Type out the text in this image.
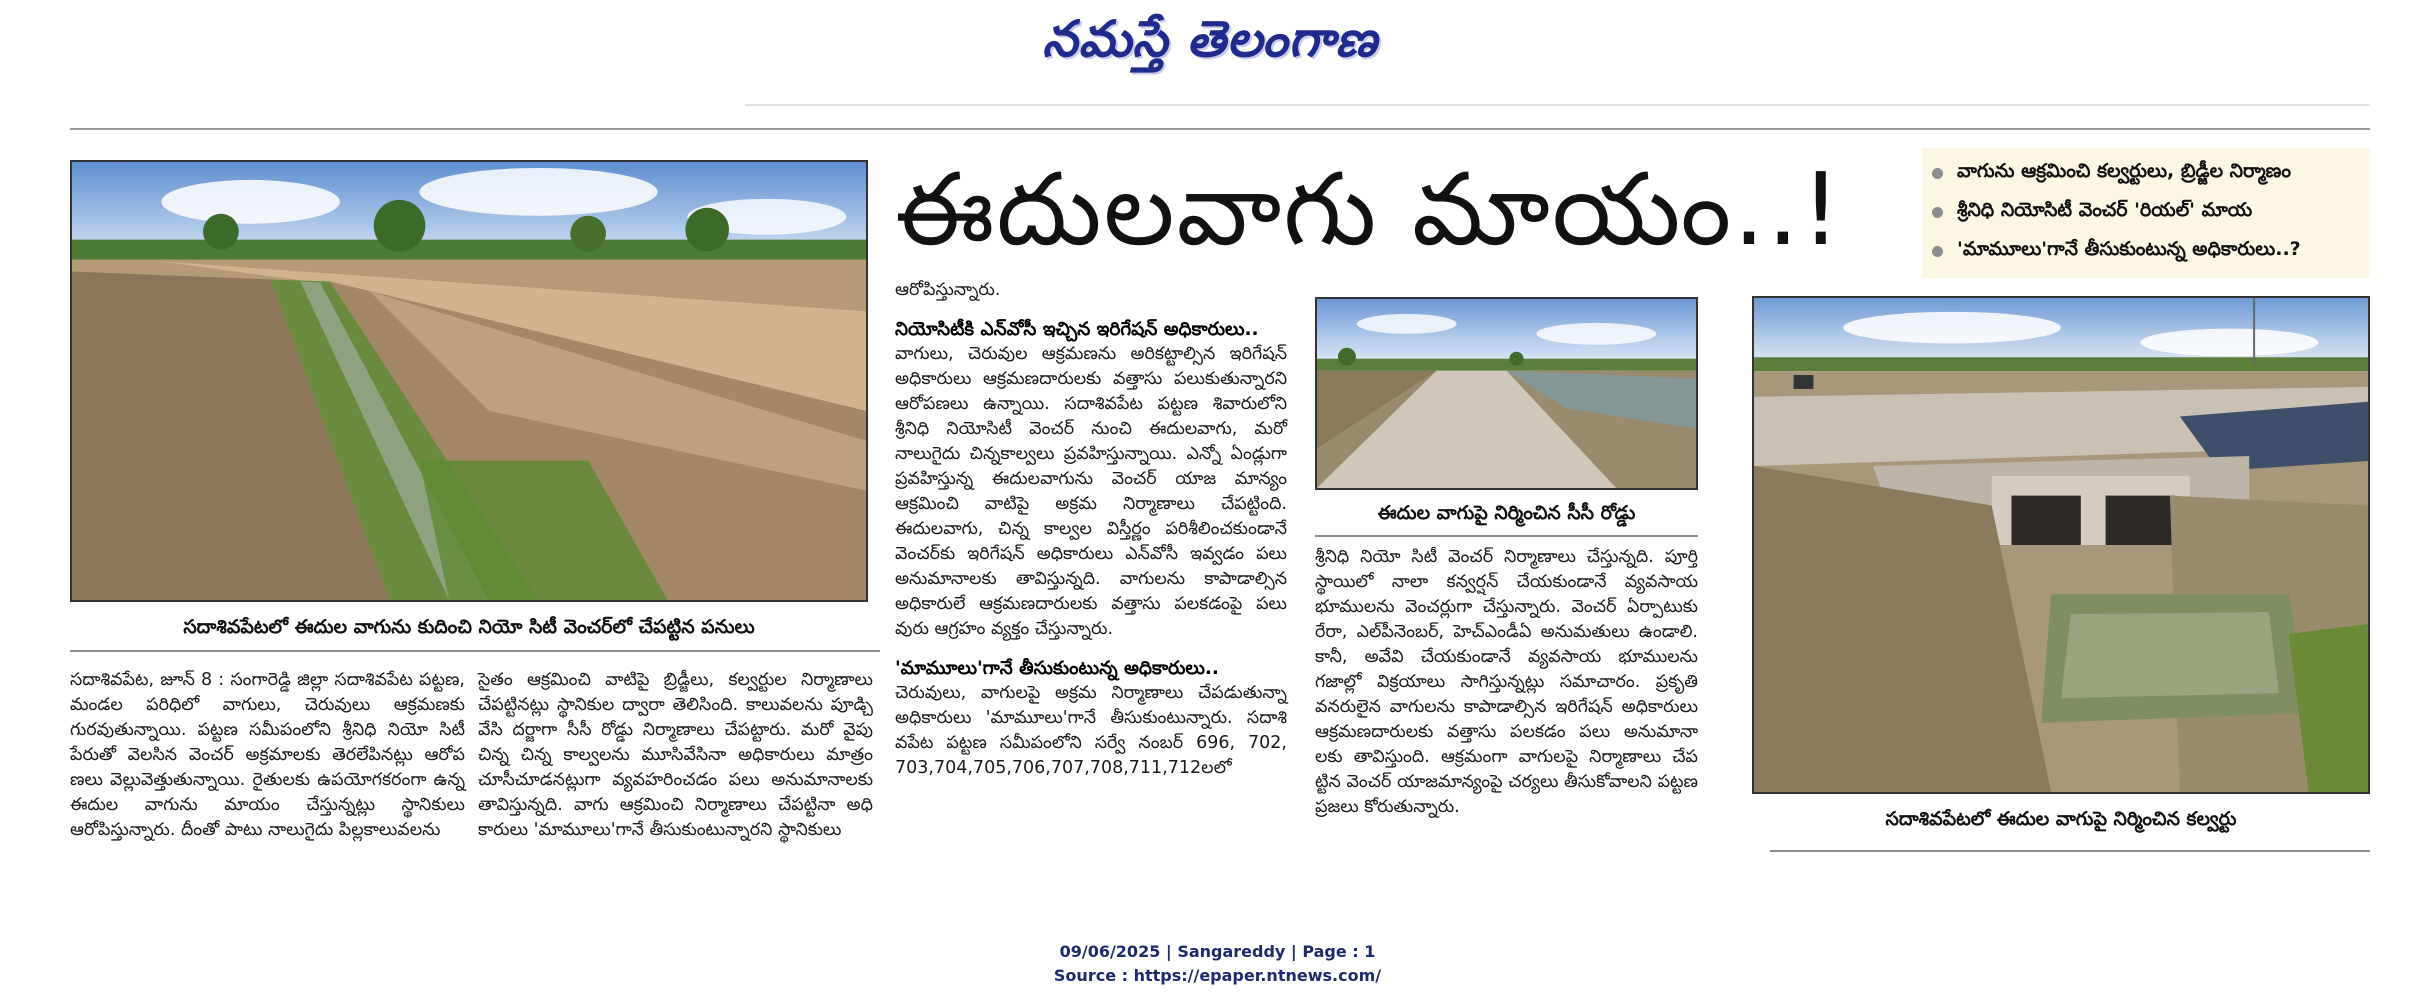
నమస్తే తెలంగాణ
ఈదులవాగు మాయం..!	వాగును ఆక్రమించి కల్వర్టులు, బ్రిడ్జీల నిర్మాణం
శ్రీనిధి నియోసిటీ వెంచర్ 'రియల్' మాయ
'మామూలు'గానే తీసుకుంటున్న అధికారులు..?
సదాశివపేటలో ఈదుల వాగును కుదించి నియో సిటీ వెంచర్‌లో చేపట్టిన పనులు
ఈదుల వాగుపై నిర్మించిన సీసీ రోడ్డు
సదాశివపేటలో ఈదుల వాగుపై నిర్మించిన కల్వర్టు

సదాశివపేట, జూన్ 8 : సంగారెడ్డి జిల్లా సదాశివపేట పట్టణ, మండల పరిధిలో వాగులు, చెరువులు ఆక్రమణకు గురవుతున్నాయి. పట్టణ సమీపంలోని శ్రీనిధి నియో సిటీ పేరుతో వెలసిన వెంచర్ అక్రమాలకు తెరలేపినట్లు ఆరోప ణలు వెల్లువెత్తుతున్నాయి. రైతులకు ఉపయోగకరంగా ఉన్న ఈదుల వాగును మాయం చేస్తున్నట్లు స్థానికులు ఆరోపిస్తున్నారు. దీంతో పాటు నాలుగైదు పిల్లకాలువలను

సైతం ఆక్రమించి వాటిపై బ్రిడ్జీలు, కల్వర్టుల నిర్మాణాలు చేపట్టినట్లు స్థానికుల ద్వారా తెలిసింది. కాలువలను పూడ్చి వేసి దర్జాగా సీసీ రోడ్డు నిర్మాణాలు చేపట్టారు. మరో వైపు చిన్న చిన్న కాల్వలను మూసివేసినా అధికారులు మాత్రం చూసీచూడనట్లుగా వ్యవహరించడం పలు అనుమానాలకు తావిస్తున్నది. వాగు ఆక్రమించి నిర్మాణాలు చేపట్టినా అధి కారులు 'మామూలు'గానే తీసుకుంటున్నారని స్థానికులు

ఆరోపిస్తున్నారు.

నియోసిటీకి ఎన్‌వోసీ ఇచ్చిన ఇరిగేషన్ అధికారులు..

వాగులు, చెరువుల ఆక్రమణను అరికట్టాల్సిన ఇరిగేషన్ అధికారులు ఆక్రమణదారులకు వత్తాసు పలుకుతున్నారని ఆరోపణలు ఉన్నాయి. సదాశివపేట పట్టణ శివారులోని శ్రీనిధి నియోసిటీ వెంచర్ నుంచి ఈదులవాగు, మరో నాలుగైదు చిన్నకాల్వలు ప్రవహిస్తున్నాయి. ఎన్నో ఏండ్లుగా ప్రవహిస్తున్న ఈదులవాగును వెంచర్ యాజ మాన్యం ఆక్రమించి వాటిపై అక్రమ నిర్మాణాలు చేపట్టింది. ఈదులవాగు, చిన్న కాల్వల విస్తీర్ణం పరిశీలించకుండానే వెంచర్‌కు ఇరిగేషన్ అధికారులు ఎన్‌వోసీ ఇవ్వడం పలు అనుమానాలకు తావిస్తున్నది. వాగులను కాపాడాల్సిన అధికారులే ఆక్రమణదారులకు వత్తాసు పలకడంపై పలు వురు ఆగ్రహం వ్యక్తం చేస్తున్నారు.

'మామూలు'గానే తీసుకుంటున్న అధికారులు..

చెరువులు, వాగులపై అక్రమ నిర్మాణాలు చేపడుతున్నా అధికారులు 'మామూలు'గానే తీసుకుంటున్నారు. సదాశి వపేట పట్టణ సమీపంలోని సర్వే నంబర్ 696, 702, 703,704,705,706,707,708,711,712లలో

శ్రీనిధి నియో సిటీ వెంచర్ నిర్మాణాలు చేస్తున్నది. పూర్తి స్థాయిలో నాలా కన్వర్షన్ చేయకుండానే వ్యవసాయ భూములను వెంచర్లుగా చేస్తున్నారు. వెంచర్ ఏర్పాటుకు రేరా, ఎల్‌పీనెంబర్, హెచ్ఎండీఏ అనుమతులు ఉండాలి. కానీ, అవేవి చేయకుండానే వ్యవసాయ భూములను గజాల్లో విక్రయాలు సాగిస్తున్నట్లు సమాచారం. ప్రకృతి వనరులైన వాగులను కాపాడాల్సిన ఇరిగేషన్ అధికారులు ఆక్రమణదారులకు వత్తాసు పలకడం పలు అనుమానా లకు తావిస్తుంది. ఆక్రమంగా వాగులపై నిర్మాణాలు చేప ట్టిన వెంచర్ యాజమాన్యంపై చర్యలు తీసుకోవాలని పట్టణ ప్రజలు కోరుతున్నారు.

09/06/2025 | Sangareddy | Page : 1
Source : https://epaper.ntnews.com/
